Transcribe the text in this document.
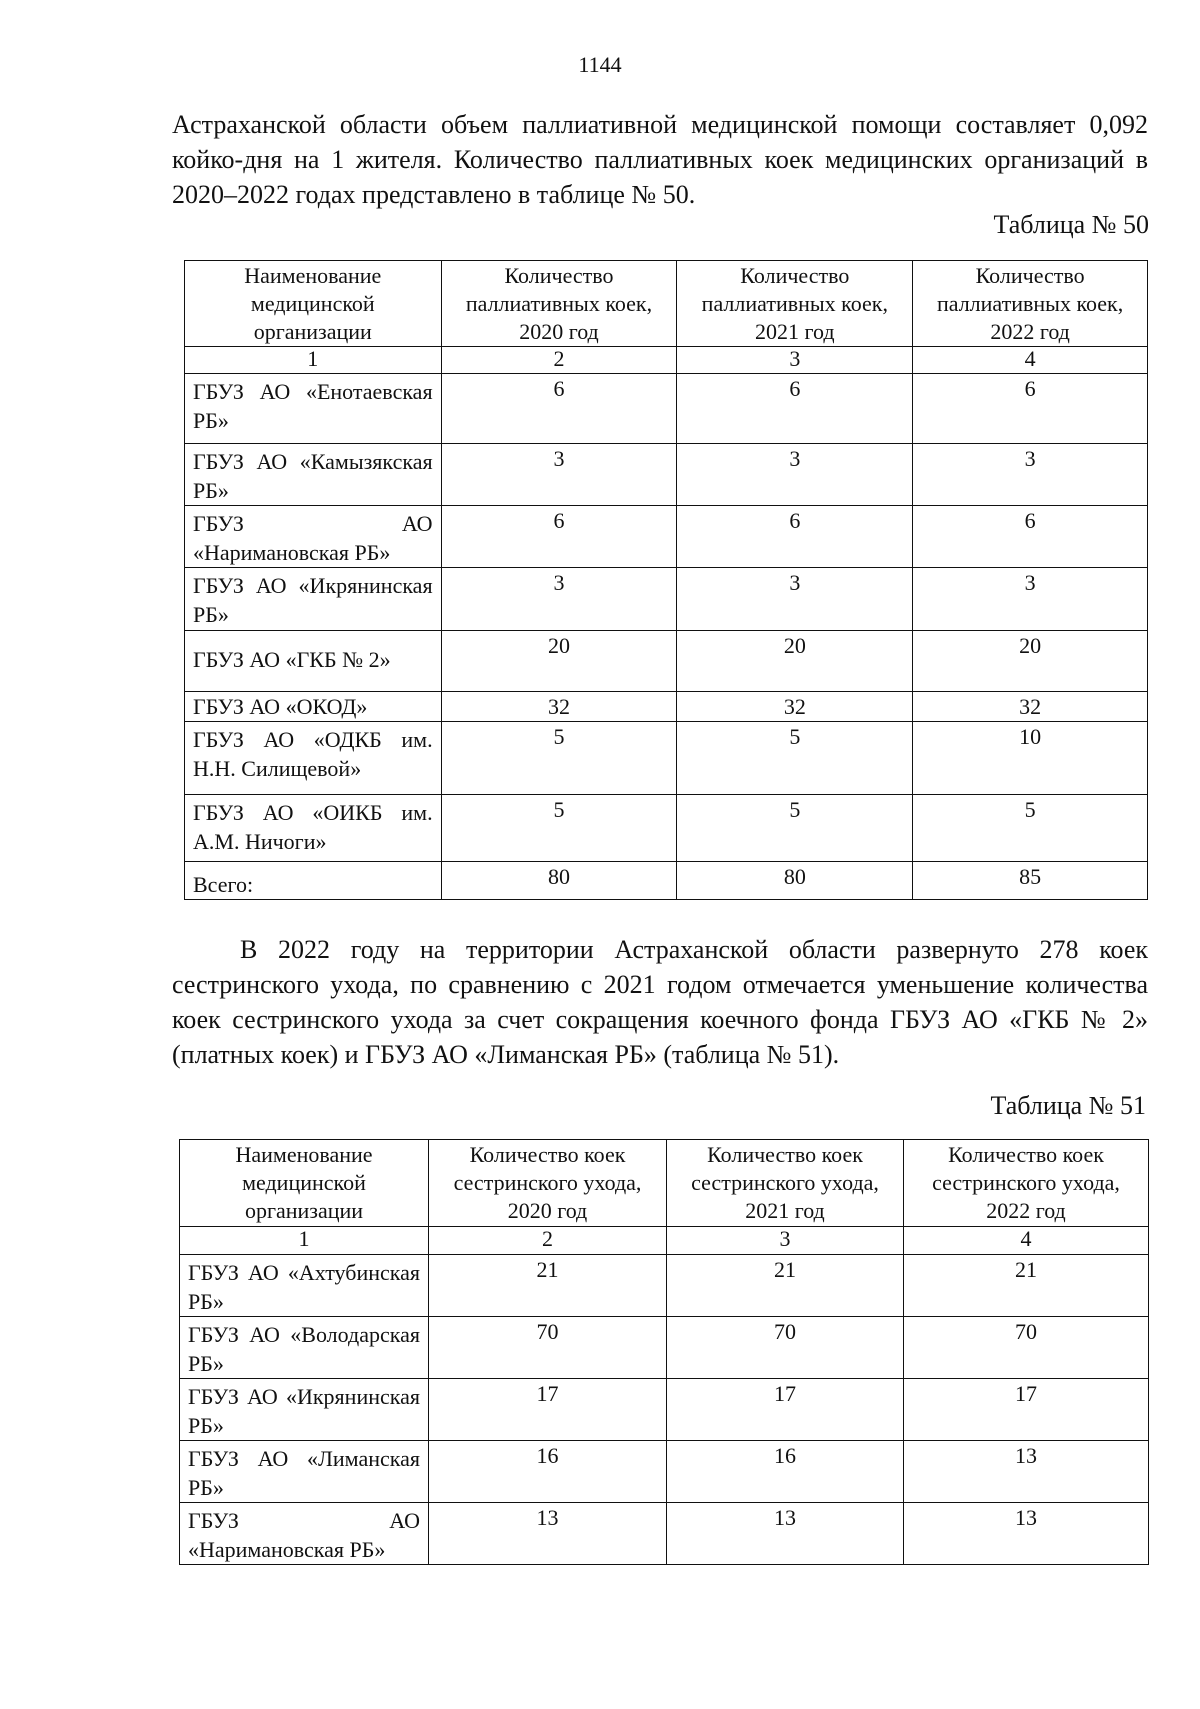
1144

Астраханской области объем паллиативной медицинской помощи составляет 0,092 койко-дня на 1 жителя. Количество паллиативных коек медицинских организаций в 2020–2022 годах представлено в таблице № 50.

Таблица № 50
Наименование медицинской организации	Количество паллиативных коек, 2020 год	Количество паллиативных коек, 2021 год	Количество паллиативных коек, 2022 год
1	2	3	4
ГБУЗ АО «Енотаевская РБ»	6	6	6
ГБУЗ АО «Камызякская РБ»	3	3	3
ГБУЗ АО «Наримановская РБ»	6	6	6
ГБУЗ АО «Икрянинская РБ»	3	3	3
ГБУЗ АО «ГКБ № 2»	20	20	20
ГБУЗ АО «ОКОД»	32	32	32
ГБУЗ АО «ОДКБ им. Н.Н. Силищевой»	5	5	10
ГБУЗ АО «ОИКБ им. А.М. Ничоги»	5	5	5
Всего:	80	80	85

В 2022 году на территории Астраханской области развернуто 278 коек сестринского ухода, по сравнению с 2021 годом отмечается уменьшение количества коек сестринского ухода за счет сокращения коечного фонда ГБУЗ АО «ГКБ № 2» (платных коек) и ГБУЗ АО «Лиманская РБ» (таблица № 51).

Таблица № 51
Наименование медицинской организации	Количество коек сестринского ухода, 2020 год	Количество коек сестринского ухода, 2021 год	Количество коек сестринского ухода, 2022 год
1	2	3	4
ГБУЗ АО «Ахтубинская РБ»	21	21	21
ГБУЗ АО «Володарская РБ»	70	70	70
ГБУЗ АО «Икрянинская РБ»	17	17	17
ГБУЗ АО «Лиманская РБ»	16	16	13
ГБУЗ АО «Наримановская РБ»	13	13	13
